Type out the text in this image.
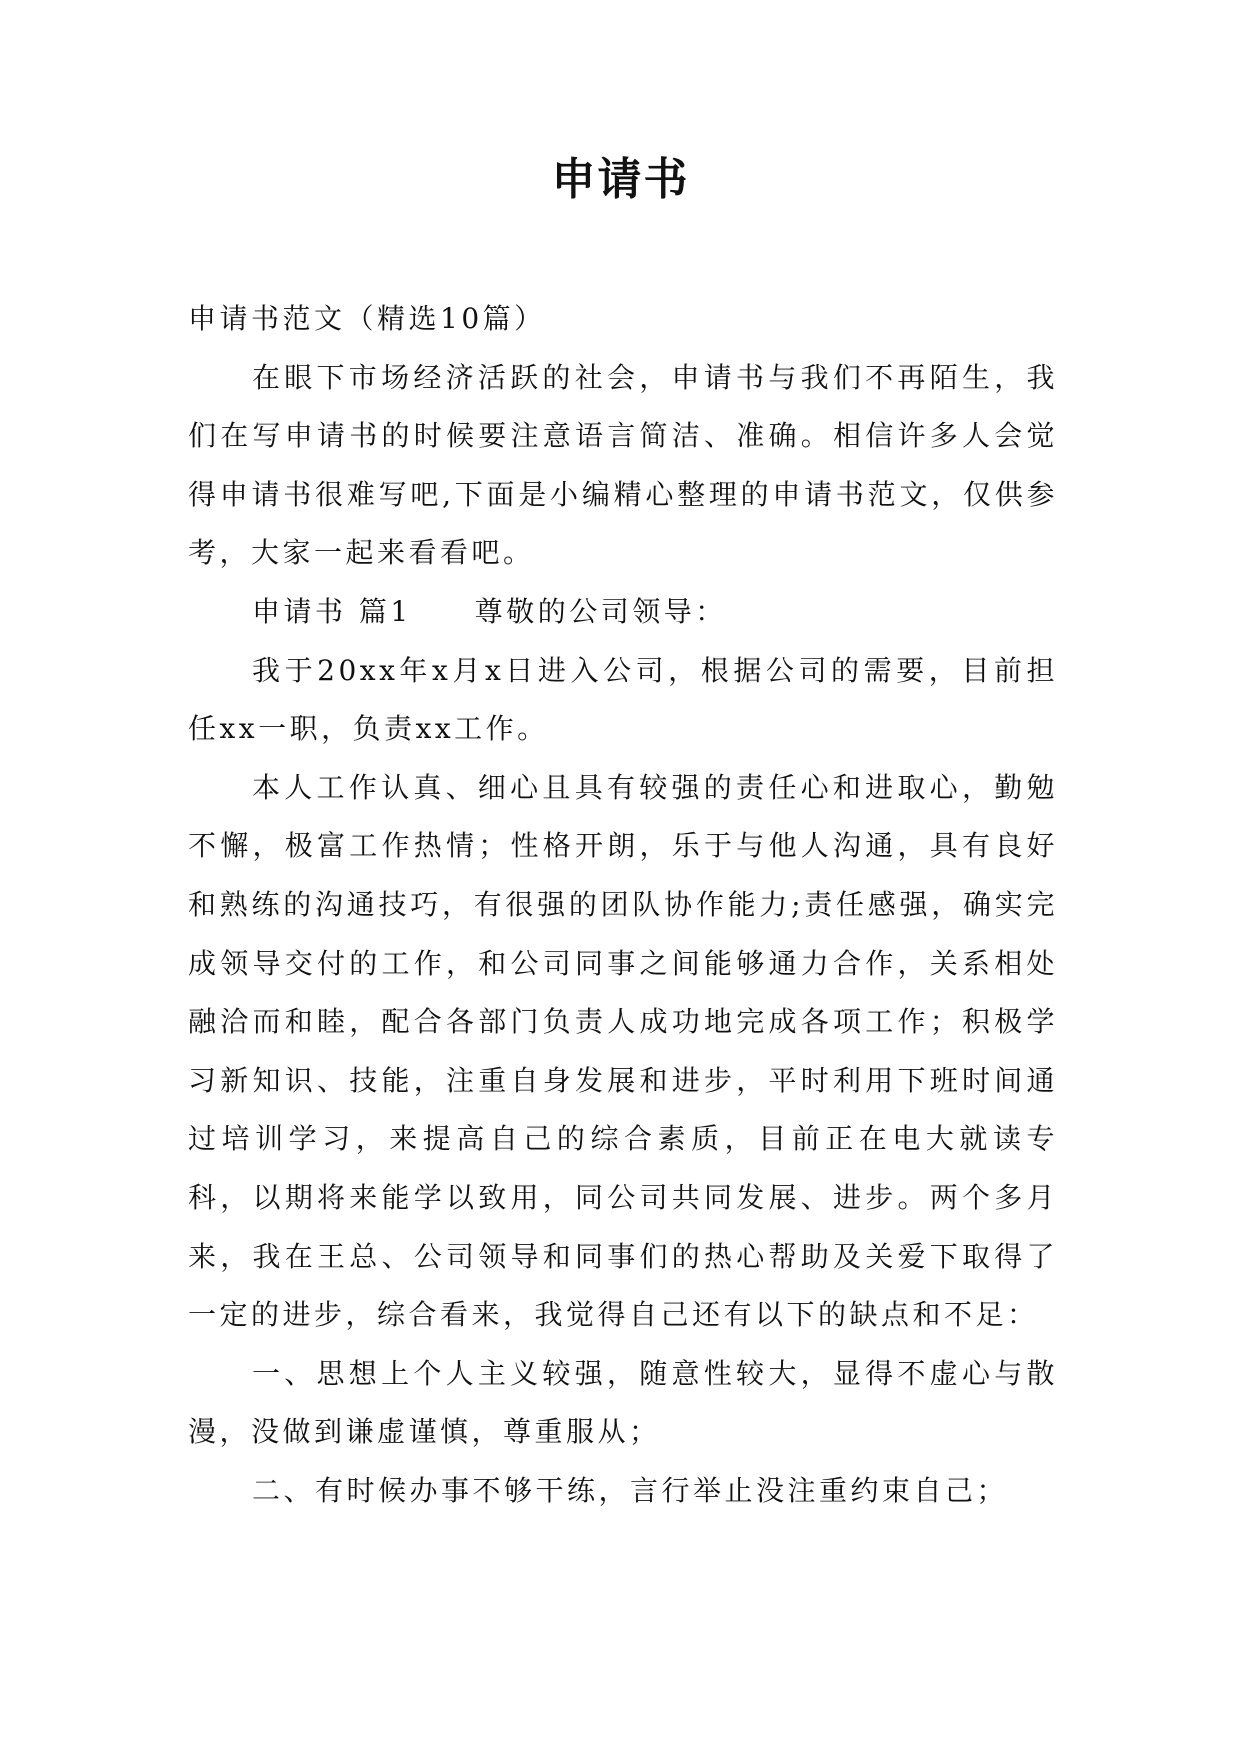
申请书

申请书范文（精选10篇）

在眼下市场经济活跃的社会，申请书与我们不再陌生，我们在写申请书的时候要注意语言简洁、准确。相信许多人会觉得申请书很难写吧,下面是小编精心整理的申请书范文，仅供参考，大家一起来看看吧。

申请书 篇1　　尊敬的公司领导：

我于20xx年x月x日进入公司，根据公司的需要，目前担任xx一职，负责xx工作。

本人工作认真、细心且具有较强的责任心和进取心，勤勉不懈，极富工作热情；性格开朗，乐于与他人沟通，具有良好和熟练的沟通技巧，有很强的团队协作能力;责任感强，确实完成领导交付的工作，和公司同事之间能够通力合作，关系相处融洽而和睦，配合各部门负责人成功地完成各项工作；积极学习新知识、技能，注重自身发展和进步，平时利用下班时间通过培训学习，来提高自己的综合素质，目前正在电大就读专科，以期将来能学以致用，同公司共同发展、进步。两个多月来，我在王总、公司领导和同事们的热心帮助及关爱下取得了一定的进步，综合看来，我觉得自己还有以下的缺点和不足：

一、思想上个人主义较强，随意性较大，显得不虚心与散漫，没做到谦虚谨慎，尊重服从；

二、有时候办事不够干练，言行举止没注重约束自己；
